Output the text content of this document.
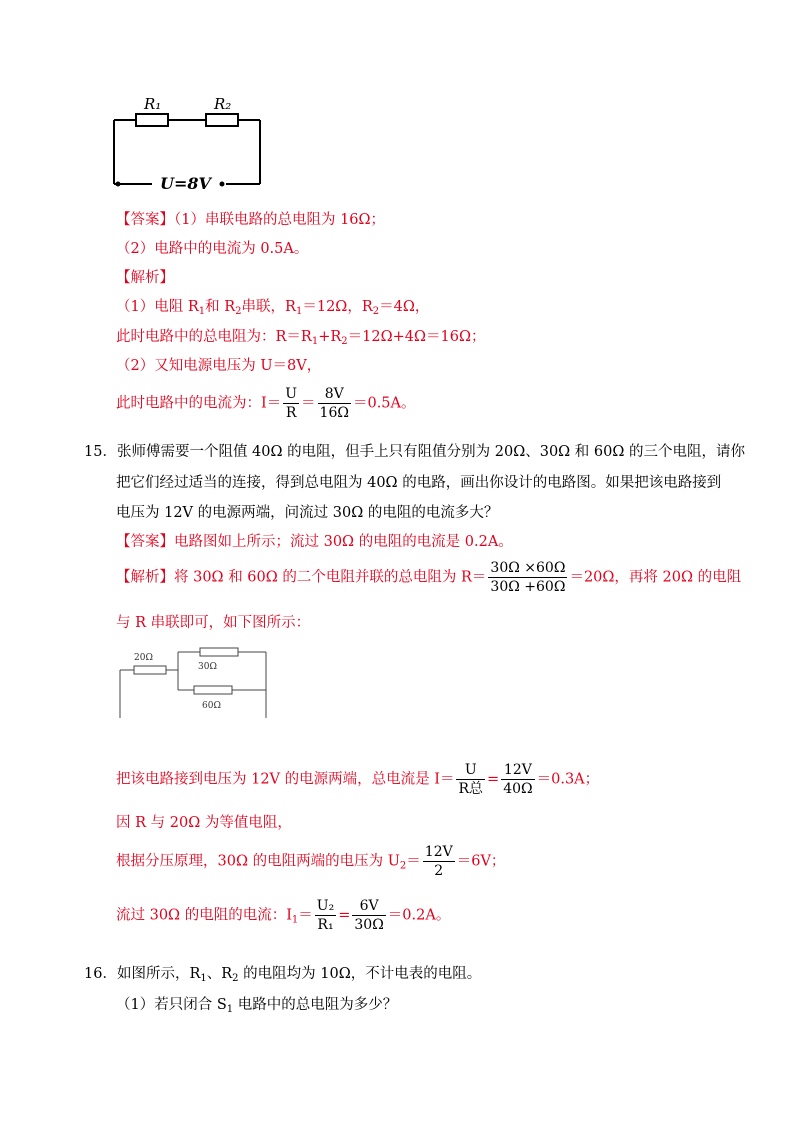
R₁	R₂
U=8V
【答案】（1）串联电路的总电阻为 16Ω；
（2）电路中的电流为 0.5A。
【解析】
（1）电阻 $R_1$和 $R_2$串联，$R_1=12\Omega$，$R_2=4\Omega$，
此时电路中的总电阻为：$R=R_1+R_2=12\Omega+4\Omega=16\Omega$；
（2）又知电源电压为 U＝8V，
此时电路中的电流为：$I= \frac{U}{R} = \frac{8V}{16\Omega} =0.5A$。
15．张师傅需要一个阻值 40Ω 的电阻，但手上只有阻值分别为 20Ω、30Ω 和 60Ω 的三个电阻，请你
把它们经过适当的连接，得到总电阻为 40Ω 的电路，画出你设计的电路图。如果把该电路接到
电压为 12V 的电源两端，问流过 30Ω 的电阻的电流多大？
【答案】电路图如上所示；流过 30Ω 的电阻的电流是 0.2A。
【解析】将 30Ω 和 60Ω 的二个电阻并联的总电阻为 $R= \frac{30\Omega \times 60\Omega}{30\Omega +60\Omega} =20\Omega$，再将 20Ω 的电阻
与 R 串联即可，如下图所示：
20Ω
30Ω
60Ω
把该电路接到电压为 12V 的电源两端，总电流是 $I= \frac{U}{\text{R总}} = \frac{12V}{40\Omega} =0.3A$；
因 R 与 20Ω 为等值电阻，
根据分压原理，30Ω 的电阻两端的电压为 $U_2= \frac{12V}{2} =6V$；
流过 30Ω 的电阻的电流：$I_1= \frac{\text{U₂}}{\text{R₁}} = \frac{6V}{30\Omega} =0.2A$。
16．如图所示，$R_1$、$R_2$ 的电阻均为 10Ω，不计电表的电阻。
（1）若只闭合 $S_1$ 电路中的总电阻为多少？
